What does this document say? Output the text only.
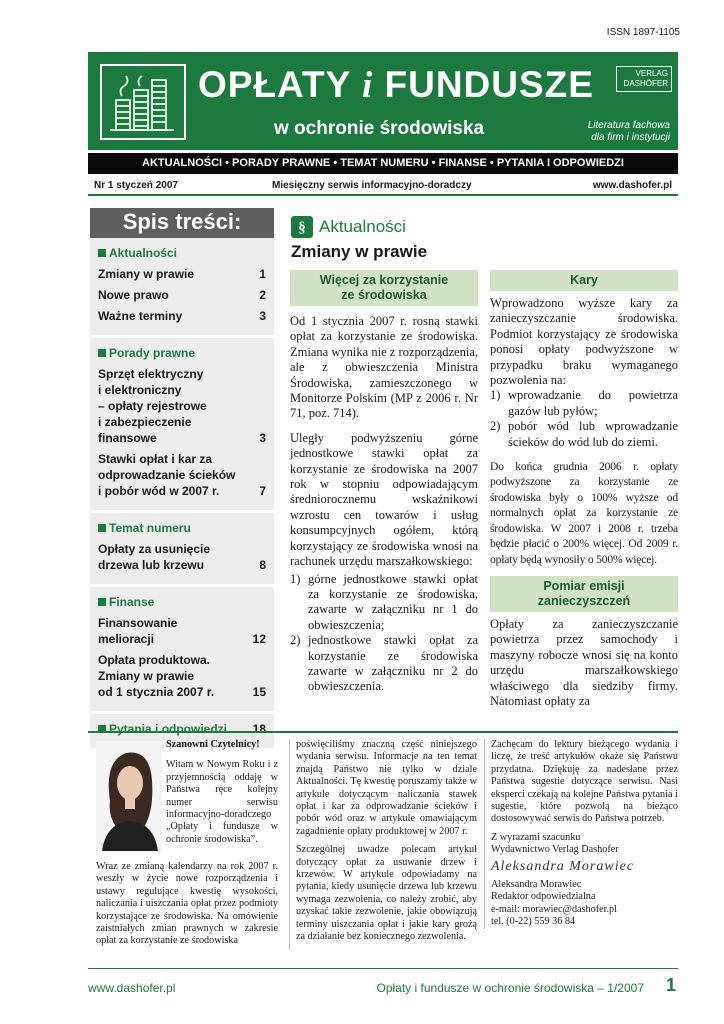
ISSN 1897-1105
OPŁATY i FUNDUSZE
w ochronie środowiska
VERLAG
DASHÖFER
Literatura fachowa
dla firm i instytucji
AKTUALNOŚCI • PORADY PRAWNE • TEMAT NUMERU • FINANSE • PYTANIA I ODPOWIEDZI
Nr 1 styczeń 2007	Miesięczny serwis informacyjno-doradczy	www.dashofer.pl
Spis treści:
Aktualności
Zmiany w prawie	1
Nowe prawo	2
Ważne terminy	3
Porady prawne
Sprzęt elektryczny
i elektroniczny
– opłaty rejestrowe
i zabezpieczenie
finansowe	3
Stawki opłat i kar za
odprowadzanie ścieków
i pobór wód w 2007 r.	7
Temat numeru
Opłaty za usunięcie
drzewa lub krzewu	8
Finanse
Finansowanie
melioracji	12
Opłata produktowa.
Zmiany w prawie
od 1 stycznia 2007 r.	15
Pytania i odpowiedzi 18
§ Aktualności
Zmiany w prawie
Więcej za korzystanie
ze środowiska

Od 1 stycznia 2007 r. rosną stawki opłat za korzystanie ze środowiska. Zmiana wynika nie z rozporządzenia, ale z obwieszczenia Ministra Środowiska, zamieszczonego w Monitorze Polskim (MP z 2006 r. Nr 71, poz. 714).

Uległy podwyższeniu górne jednostkowe stawki opłat za korzystanie ze środowiska na 2007 rok w stopniu odpowiadającym średniorocznemu wskaźnikowi wzrostu cen towarów i usług konsumpcyjnych ogółem, którą korzystający ze środowiska wnosi na rachunek urzędu marszałkowskiego:

1) górne jednostkowe stawki opłat za korzystanie ze środowiska, zawarte w załączniku nr 1 do obwieszczenia;
2) jednostkowe stawki opłat za korzystanie ze środowiska zawarte w załączniku nr 2 do obwieszczenia.
Kary

Wprowadzono wyższe kary za zanieczyszczanie środowiska. Podmiot korzystający ze środowiska ponosi opłaty podwyższone w przypadku braku wymaganego pozwolenia na:

1) wprowadzanie do powietrza gazów lub pyłów;
2) pobór wód lub wprowadzanie ścieków do wód lub do ziemi.

Do końca grudnia 2006 r. opłaty podwyższone za korzystanie ze środowiska były o 100% wyższe od normalnych opłat za korzystanie ze środowiska. W 2007 i 2008 r. trzeba będzie płacić o 200% więcej. Od 2009 r. opłaty będą wynosiły o 500% więcej.

Pomiar emisji
zanieczyszczeń

Opłaty za zanieczyszczanie powietrza przez samochody i maszyny robocze wnosi się na konto urzędu marszałkowskiego właściwego dla siedziby firmy. Natomiast opłaty za

Szanowni Czytelnicy!

Witam w Nowym Roku i z przyjemnością oddaję w Państwa ręce kolejny numer serwisu informacyjno-doradczego „Opłaty i fundusze w ochronie środowiska”.

Wraz ze zmianą kalendarzy na rok 2007 r. weszły w życie nowe rozporządzenia i ustawy regulujące kwestię wysokości, naliczania i uiszczania opłat przez podmioty korzystające ze środowiska. Na omówienie zaistniałych zmian prawnych w zakresie opłat za korzystanie ze środowiska

poświęciliśmy znaczną część niniejszego wydania serwisu. Informacje na ten temat znajdą Państwo nie tylko w dziale Aktualności. Tę kwestię poruszamy także w artykule dotyczącym naliczania stawek opłat i kar za odprowadzanie ścieków i pobór wód oraz w artykule omawiającym zagadnienie opłaty produktowej w 2007 r.

Szczególnej uwadze polecam artykuł dotyczący opłat za usuwanie drzew i krzewów. W artykule odpowiadamy na pytania, kiedy usunięcie drzewa lub krzewu wymaga zezwolenia, co należy zrobić, aby uzyskać takie zezwolenie, jakie obowiązują terminy uiszczania opłat i jakie kary grożą za działanie bez koniecznego zezwolenia.

Zachęcam do lektury bieżącego wydania i liczę, że treść artykułów okaże się Państwu przydatna. Dziękuję za nadesłane przez Państwa sugestie dotyczące serwisu. Nasi eksperci czekają na kolejne Państwa pytania i sugestie, które pozwolą na bieżąco dostosowywać serwis do Państwa potrzeb.

Z wyrazami szacunku
Wydawnictwo Verlag Dashofer
Aleksandra Morawiec
Aleksandra Morawiec
Redaktor odpowiedzialna
e-mail: morawiec@dashofer.pl
tel. (0-22) 559 36 84
www.dashofer.pl	Opłaty i fundusze w ochronie środowiska – 1/2007 1
